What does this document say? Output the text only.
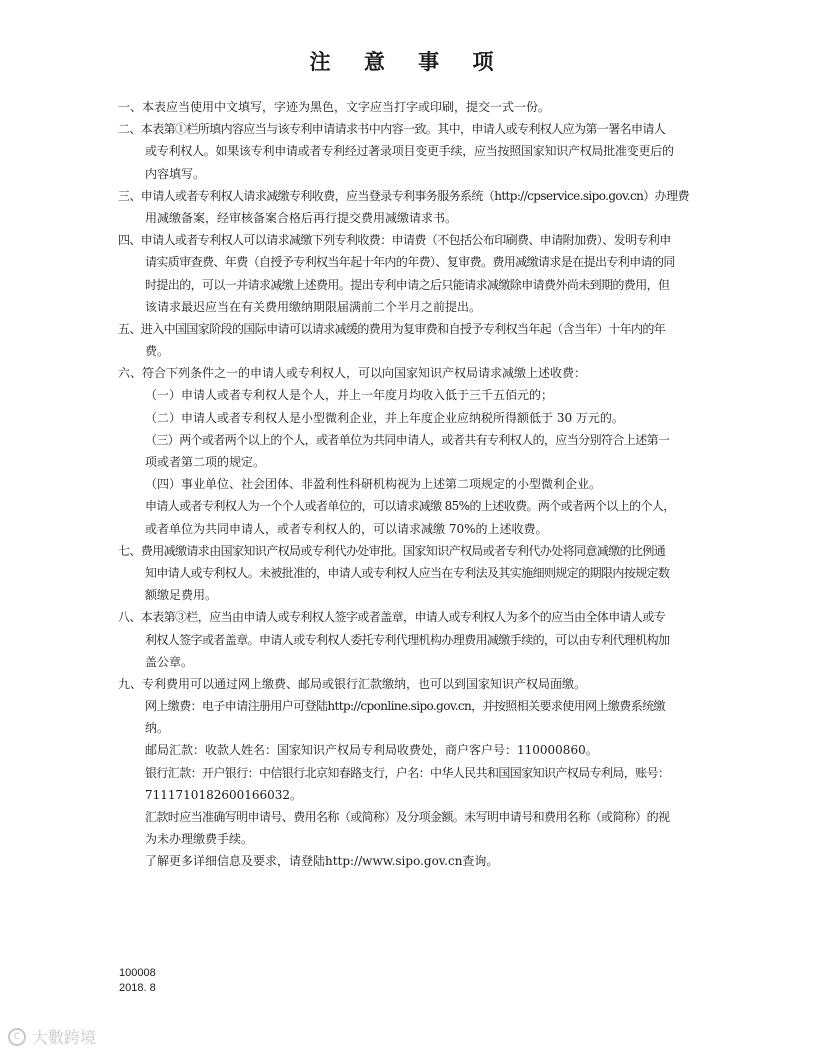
注 意 事 项
一、本表应当使用中文填写，字迹为黑色，文字应当打字或印刷，提交一式一份。
二、本表第①栏所填内容应当与该专利申请请求书中内容一致。其中，申请人或专利权人应为第一署名申请人
或专利权人。如果该专利申请或者专利经过著录项目变更手续，应当按照国家知识产权局批准变更后的
内容填写。
三、申请人或者专利权人请求减缴专利收费，应当登录专利事务服务系统（http://cpservice.sipo.gov.cn）办理费
用减缴备案，经审核备案合格后再行提交费用减缴请求书。
四、申请人或者专利权人可以请求减缴下列专利收费：申请费（不包括公布印刷费、申请附加费）、发明专利申
请实质审查费、年费（自授予专利权当年起十年内的年费）、复审费。费用减缴请求是在提出专利申请的同
时提出的，可以一并请求减缴上述费用。提出专利申请之后只能请求减缴除申请费外尚未到期的费用，但
该请求最迟应当在有关费用缴纳期限届满前二个半月之前提出。
五、进入中国国家阶段的国际申请可以请求减缓的费用为复审费和自授予专利权当年起（含当年）十年内的年
费。
六、符合下列条件之一的申请人或专利权人，可以向国家知识产权局请求减缴上述收费：
（一）申请人或者专利权人是个人，并上一年度月均收入低于三千五佰元的；
（二）申请人或者专利权人是小型微利企业，并上年度企业应纳税所得额低于 30 万元的。
（三）两个或者两个以上的个人，或者单位为共同申请人，或者共有专利权人的，应当分别符合上述第一
项或者第二项的规定。
（四）事业单位、社会团体、非盈利性科研机构视为上述第二项规定的小型微利企业。
申请人或者专利权人为一个个人或者单位的，可以请求减缴 85%的上述收费。两个或者两个以上的个人，
或者单位为共同申请人，或者专利权人的，可以请求减缴 70%的上述收费。
七、费用减缴请求由国家知识产权局或专利代办处审批。国家知识产权局或者专利代办处将同意减缴的比例通
知申请人或专利权人。未被批准的，申请人或专利权人应当在专利法及其实施细则规定的期限内按规定数
额缴足费用。
八、本表第③栏，应当由申请人或专利权人签字或者盖章，申请人或专利权人为多个的应当由全体申请人或专
利权人签字或者盖章。申请人或专利权人委托专利代理机构办理费用减缴手续的，可以由专利代理机构加
盖公章。
九、专利费用可以通过网上缴费、邮局或银行汇款缴纳，也可以到国家知识产权局面缴。
网上缴费：电子申请注册用户可登陆http://cponline.sipo.gov.cn，并按照相关要求使用网上缴费系统缴
纳。
邮局汇款：收款人姓名：国家知识产权局专利局收费处，商户客户号：110000860。
银行汇款：开户银行：中信银行北京知春路支行，户名：中华人民共和国国家知识产权局专利局，账号：
7111710182600166032。
汇款时应当准确写明申请号、费用名称（或简称）及分项金额。未写明申请号和费用名称（或简称）的视
为未办理缴费手续。
了解更多详细信息及要求，请登陆http://www.sipo.gov.cn查询。
100008
2018. 8
C 大數跨境
